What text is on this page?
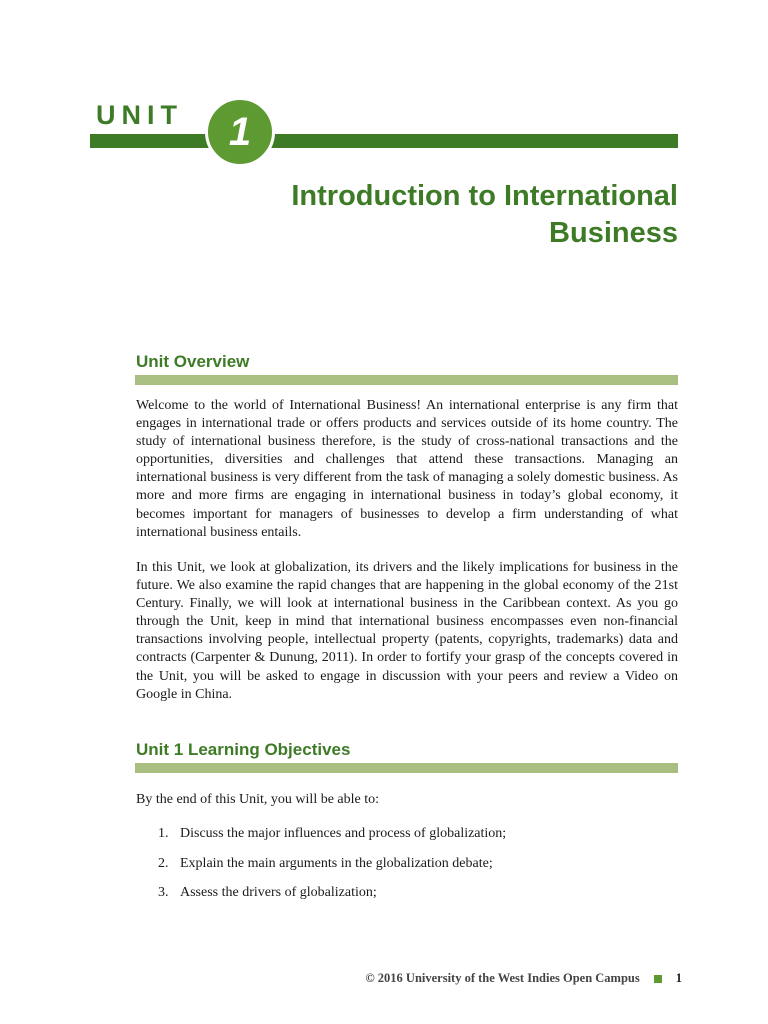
UNIT 1
Introduction to International
Business
Unit Overview

Welcome to the world of International Business! An international enterprise is any firm that engages in international trade or offers products and services outside of its home country. The study of international business therefore, is the study of cross-national transactions and the opportunities, diversities and challenges that attend these transactions. Managing an international business is very different from the task of managing a solely domestic business. As more and more firms are engaging in international business in today’s global economy, it becomes important for managers of businesses to develop a firm understanding of what international business entails.

In this Unit, we look at globalization, its drivers and the likely implications for business in the future. We also examine the rapid changes that are happening in the global economy of the 21st Century. Finally, we will look at international business in the Caribbean context. As you go through the Unit, keep in mind that international business encompasses even non-financial transactions involving people, intellectual property (patents, copyrights, trademarks) data and contracts (Carpenter & Dunung, 2011). In order to fortify your grasp of the concepts covered in the Unit, you will be asked to engage in discussion with your peers and review a Video on Google in China.

Unit 1 Learning Objectives

By the end of this Unit, you will be able to:

1. Discuss the major influences and process of globalization;
2. Explain the main arguments in the globalization debate;
3. Assess the drivers of globalization;
© 2016 University of the West Indies Open Campus	1
